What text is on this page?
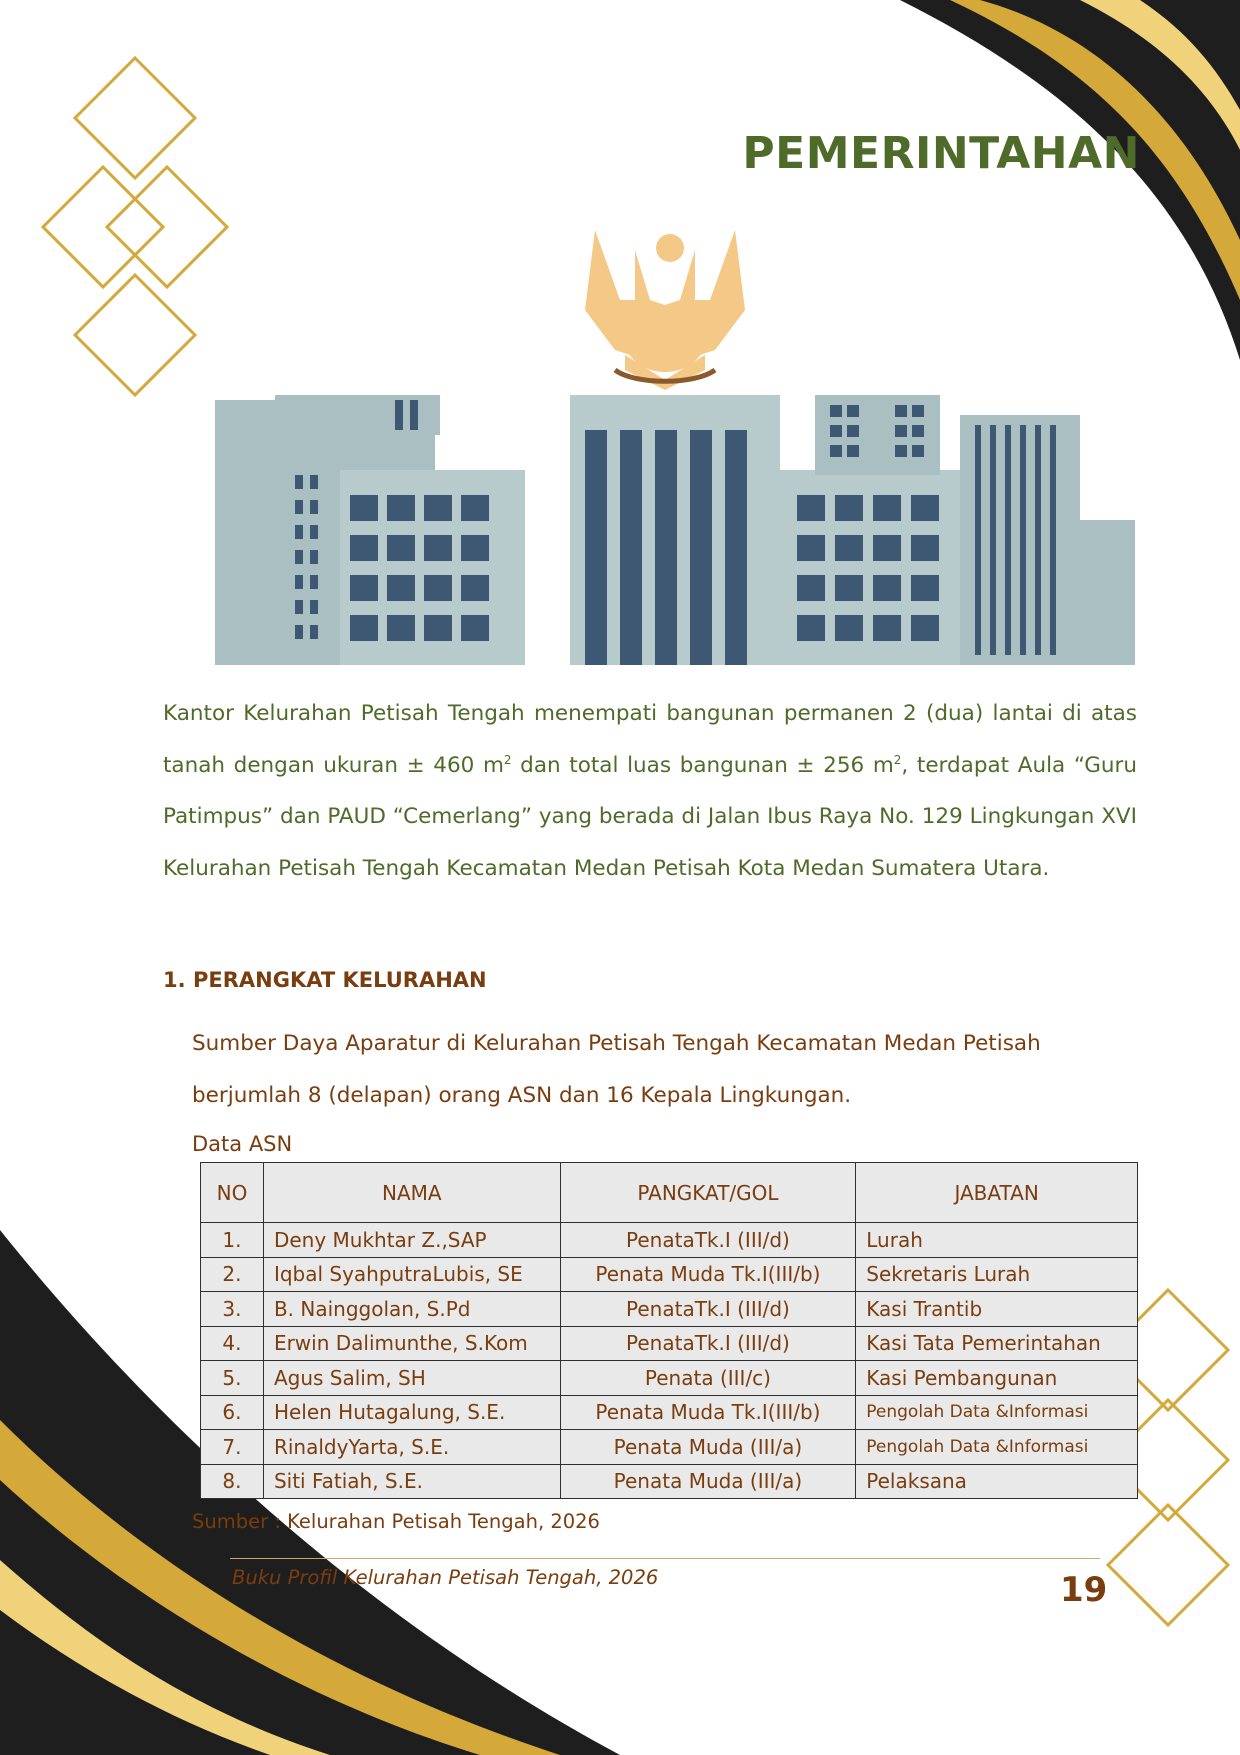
PEMERINTAHAN

Kantor Kelurahan Petisah Tengah menempati bangunan permanen 2 (dua) lantai di atas tanah dengan ukuran ± 460 $m^2$ dan total luas bangunan ± 256 $m^2$, terdapat Aula “Guru Patimpus” dan PAUD “Cemerlang” yang berada di Jalan Ibus Raya No. 129 Lingkungan XVI Kelurahan Petisah Tengah Kecamatan Medan Petisah Kota Medan Sumatera Utara.

1. PERANGKAT KELURAHAN

Sumber Daya Aparatur di Kelurahan Petisah Tengah Kecamatan Medan Petisah berjumlah 8 (delapan) orang ASN dan 16 Kepala Lingkungan.

Data ASN
NO	NAMA	PANGKAT/GOL	JABATAN
1.	Deny Mukhtar Z.,SAP	PenataTk.I (III/d)	Lurah
2.	Iqbal SyahputraLubis, SE	Penata Muda Tk.I(III/b)	Sekretaris Lurah
3.	B. Nainggolan, S.Pd	PenataTk.I (III/d)	Kasi Trantib
4.	Erwin Dalimunthe, S.Kom	PenataTk.I (III/d)	Kasi Tata Pemerintahan
5.	Agus Salim, SH	Penata (III/c)	Kasi Pembangunan
6.	Helen Hutagalung, S.E.	Penata Muda Tk.I(III/b)	Pengolah Data &Informasi
7.	RinaldyYarta, S.E.	Penata Muda (III/a)	Pengolah Data &Informasi
8.	Siti Fatiah, S.E.	Penata Muda (III/a)	Pelaksana
Sumber : Kelurahan Petisah Tengah, 2026
Buku Profil Kelurahan Petisah Tengah, 2026	19
